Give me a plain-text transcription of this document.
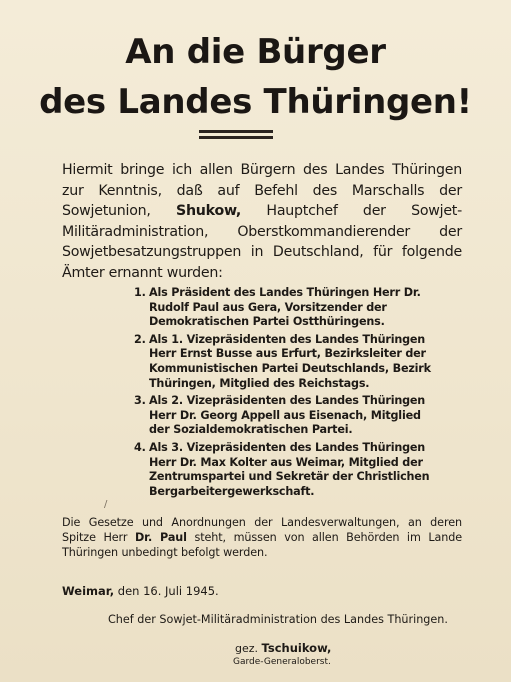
An die Bürger
des Landes Thüringen!
Hiermit bringe ich allen Bürgern des Landes Thüringen zur Kenntnis, daß auf Befehl des Marschalls der Sowjetunion, Shukow, Hauptchef der Sowjet-Militäradministration, Oberstkommandierender der Sowjetbesatzungstruppen in Deutschland, für folgende Ämter ernannt wurden:
1. Als Präsident des Landes Thüringen Herr Dr. Rudolf Paul aus Gera, Vorsitzender der Demokratischen Partei Ostthüringens.
2. Als 1. Vizepräsidenten des Landes Thüringen Herr Ernst Busse aus Erfurt, Bezirksleiter der Kommunistischen Partei Deutschlands, Bezirk Thüringen, Mitglied des Reichstags.
3. Als 2. Vizepräsidenten des Landes Thüringen Herr Dr. Georg Appell aus Eisenach, Mitglied der Sozialdemokratischen Partei.
4. Als 3. Vizepräsidenten des Landes Thüringen Herr Dr. Max Kolter aus Weimar, Mitglied der Zentrumspartei und Sekretär der Christlichen Bergarbeitergewerkschaft.
/
Die Gesetze und Anordnungen der Landesverwaltungen, an deren Spitze Herr Dr. Paul steht, müssen von allen Behörden im Lande Thüringen unbedingt befolgt werden.
Weimar, den 16. Juli 1945.
Chef der Sowjet-Militäradministration des Landes Thüringen.
gez. Tschuikow,
Garde-Generaloberst.
